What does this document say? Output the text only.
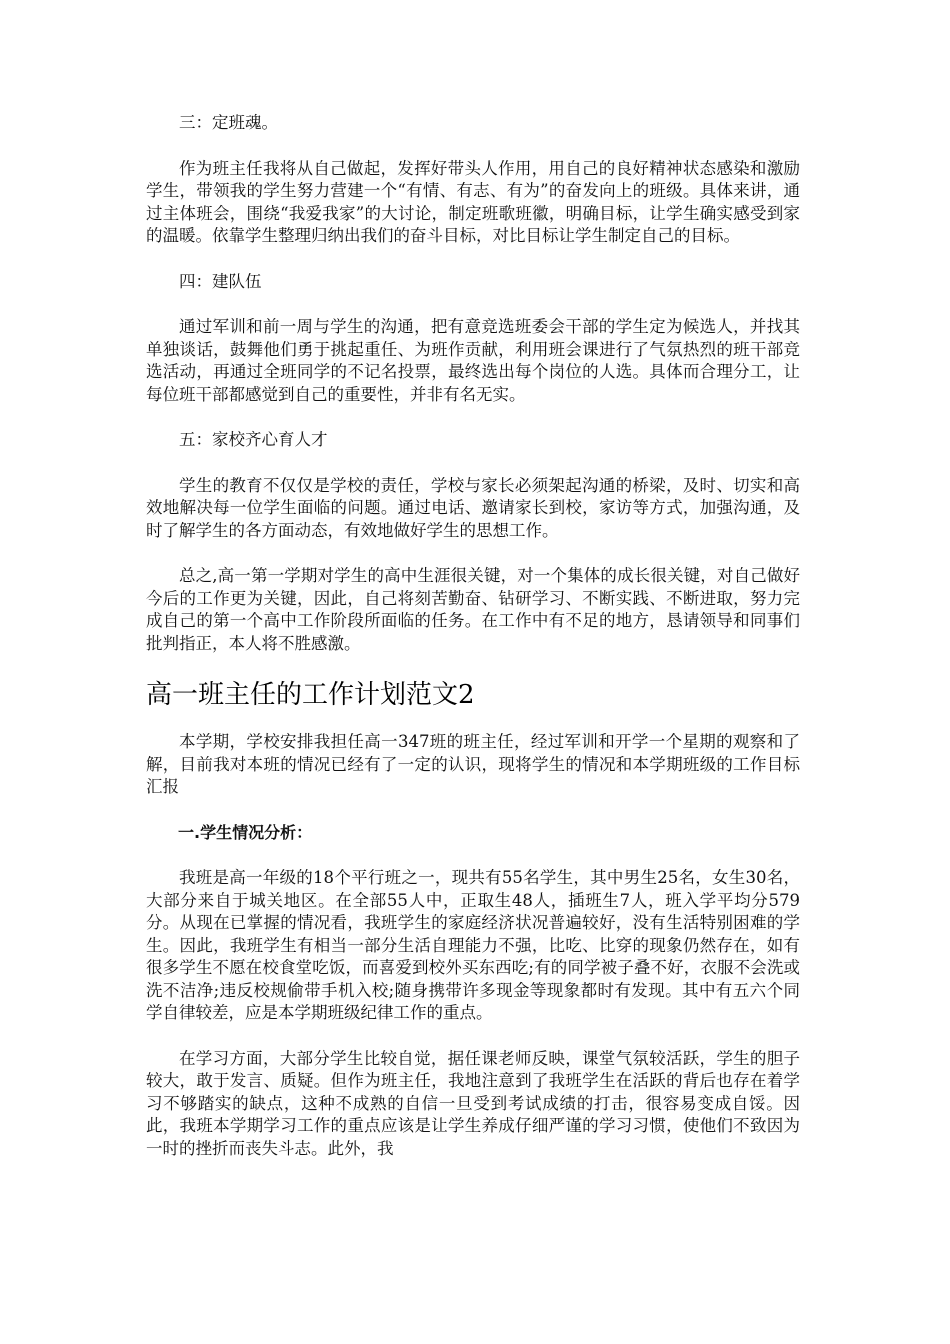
三：定班魂。

作为班主任我将从自己做起，发挥好带头人作用，用自己的良好精神状态感染和激励学生，带领我的学生努力营建一个“有情、有志、有为”的奋发向上的班级。具体来讲，通过主体班会，围绕“我爱我家”的大讨论，制定班歌班徽，明确目标，让学生确实感受到家的温暖。依靠学生整理归纳出我们的奋斗目标，对比目标让学生制定自己的目标。

四：建队伍

通过军训和前一周与学生的沟通，把有意竞选班委会干部的学生定为候选人，并找其单独谈话，鼓舞他们勇于挑起重任、为班作贡献，利用班会课进行了气氛热烈的班干部竞选活动，再通过全班同学的不记名投票，最终选出每个岗位的人选。具体而合理分工，让每位班干部都感觉到自己的重要性，并非有名无实。

五：家校齐心育人才

学生的教育不仅仅是学校的责任，学校与家长必须架起沟通的桥梁，及时、切实和高效地解决每一位学生面临的问题。通过电话、邀请家长到校，家访等方式，加强沟通，及时了解学生的各方面动态，有效地做好学生的思想工作。

总之,高一第一学期对学生的高中生涯很关键，对一个集体的成长很关键，对自己做好今后的工作更为关键，因此，自己将刻苦勤奋、钻研学习、不断实践、不断进取，努力完成自己的第一个高中工作阶段所面临的任务。在工作中有不足的地方，恳请领导和同事们批判指正，本人将不胜感激。

高一班主任的工作计划范文2

本学期，学校安排我担任高一347班的班主任，经过军训和开学一个星期的观察和了解，目前我对本班的情况已经有了一定的认识，现将学生的情况和本学期班级的工作目标汇报

一.学生情况分析：

我班是高一年级的18个平行班之一，现共有55名学生，其中男生25名，女生30名，大部分来自于城关地区。在全部55人中，正取生48人，插班生7人，班入学平均分579分。从现在已掌握的情况看，我班学生的家庭经济状况普遍较好，没有生活特别困难的学生。因此，我班学生有相当一部分生活自理能力不强，比吃、比穿的现象仍然存在，如有很多学生不愿在校食堂吃饭，而喜爱到校外买东西吃;有的同学被子叠不好，衣服不会洗或洗不洁净;违反校规偷带手机入校;随身携带许多现金等现象都时有发现。其中有五六个同学自律较差，应是本学期班级纪律工作的重点。

在学习方面，大部分学生比较自觉，据任课老师反映，课堂气氛较活跃，学生的胆子较大，敢于发言、质疑。但作为班主任，我地注意到了我班学生在活跃的背后也存在着学习不够踏实的缺点，这种不成熟的自信一旦受到考试成绩的打击，很容易变成自馁。因此，我班本学期学习工作的重点应该是让学生养成仔细严谨的学习习惯，使他们不致因为一时的挫折而丧失斗志。此外，我
